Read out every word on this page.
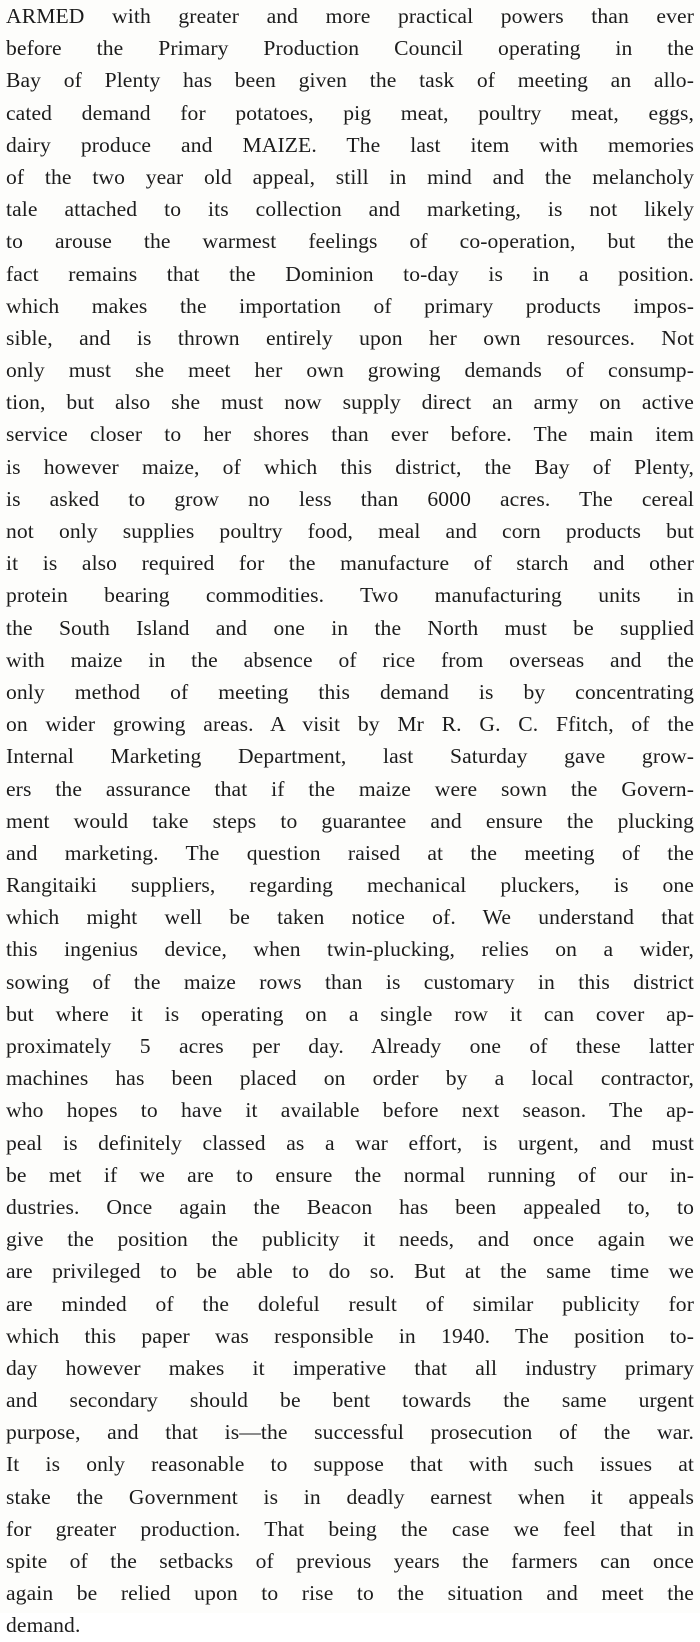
ARMED with greater and more practical powers than ever
before the Primary Production Council operating in the
Bay of Plenty has been given the task of meeting an allo-
cated demand for potatoes, pig meat, poultry meat, eggs,
dairy produce and MAIZE. The last item with memories
of the two year old appeal, still in mind and the melancholy
tale attached to its collection and marketing, is not likely
to arouse the warmest feelings of co-operation, but the
fact remains that the Dominion to-day is in a position.
which makes the importation of primary products impos-
sible, and is thrown entirely upon her own resources. Not
only must she meet her own growing demands of consump-
tion, but also she must now supply direct an army on active
service closer to her shores than ever before. The main item
is however maize, of which this district, the Bay of Plenty,
is asked to grow no less than 6000 acres. The cereal
not only supplies poultry food, meal and corn products but
it is also required for the manufacture of starch and other
protein bearing commodities. Two manufacturing units in
the South Island and one in the North must be supplied
with maize in the absence of rice from overseas and the
only method of meeting this demand is by concentrating
on wider growing areas. A visit by Mr R. G. C. Ffitch, of the
Internal Marketing Department, last Saturday gave grow-
ers the assurance that if the maize were sown the Govern-
ment would take steps to guarantee and ensure the plucking
and marketing. The question raised at the meeting of the
Rangitaiki suppliers, regarding mechanical pluckers, is one
which might well be taken notice of. We understand that
this ingenius device, when twin-plucking, relies on a wider,
sowing of the maize rows than is customary in this district
but where it is operating on a single row it can cover ap-
proximately 5 acres per day. Already one of these latter
machines has been placed on order by a local contractor,
who hopes to have it available before next season. The ap-
peal is definitely classed as a war effort, is urgent, and must
be met if we are to ensure the normal running of our in-
dustries. Once again the Beacon has been appealed to, to
give the position the publicity it needs, and once again we
are privileged to be able to do so. But at the same time we
are minded of the doleful result of similar publicity for
which this paper was responsible in 1940. The position to-
day however makes it imperative that all industry primary
and secondary should be bent towards the same urgent
purpose, and that is—the successful prosecution of the war.
It is only reasonable to suppose that with such issues at
stake the Government is in deadly earnest when it appeals
for greater production. That being the case we feel that in
spite of the setbacks of previous years the farmers can once
again be relied upon to rise to the situation and meet the
demand.
